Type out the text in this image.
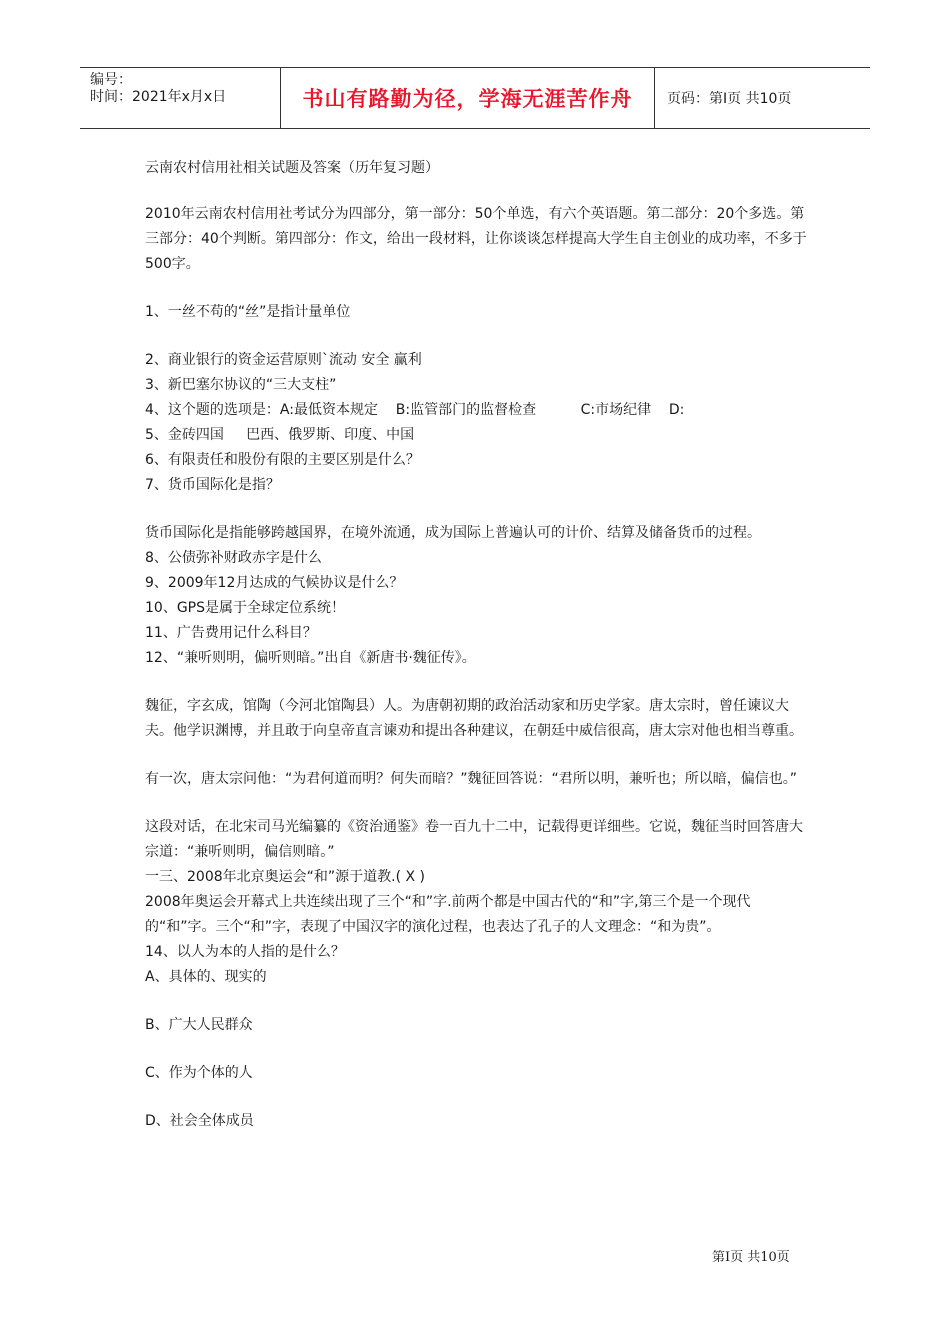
编号：
时间：2021年x月x日	书山有路勤为径，学海无涯苦作舟	页码：第I页 共10页

云南农村信用社相关试题及答案（历年复习题）

2010年云南农村信用社考试分为四部分，第一部分：50个单选，有六个英语题。第二部分：20个多选。第三部分：40个判断。第四部分：作文，给出一段材料，让你谈谈怎样提高大学生自主创业的成功率，不多于500字。

1、一丝不苟的“丝”是指计量单位

2、商业银行的资金运营原则`流动 安全 赢利

3、新巴塞尔协议的“三大支柱”

4、这个题的选项是：A:最低资本规定    B:监管部门的监督检查          C:市场纪律    D:

5、金砖四国     巴西、俄罗斯、印度、中国

6、有限责任和股份有限的主要区别是什么？

7、货币国际化是指？

货币国际化是指能够跨越国界，在境外流通，成为国际上普遍认可的计价、结算及储备货币的过程。

8、公债弥补财政赤字是什么

9、2009年12月达成的气候协议是什么？

10、GPS是属于全球定位系统！

11、广告费用记什么科目？

12、“兼听则明，偏听则暗。”出自《新唐书·魏征传》。

魏征，字玄成，馆陶（今河北馆陶县）人。为唐朝初期的政治活动家和历史学家。唐太宗时，曾任谏议大夫。他学识渊博，并且敢于向皇帝直言谏劝和提出各种建议，在朝廷中威信很高，唐太宗对他也相当尊重。

有一次，唐太宗问他：“为君何道而明？何失而暗？”魏征回答说：“君所以明，兼听也；所以暗，偏信也。”

这段对话，在北宋司马光编纂的《资治通鉴》卷一百九十二中，记载得更详细些。它说，魏征当时回答唐大宗道：“兼听则明，偏信则暗。”

一三、2008年北京奥运会“和”源于道教.( X )

2008年奥运会开幕式上共连续出现了三个“和”字.前两个都是中国古代的“和”字,第三个是一个现代的“和”字。三个“和”字，表现了中国汉字的演化过程，也表达了孔子的人文理念：“和为贵”。

14、以人为本的人指的是什么？

A、具体的、现实的

B、广大人民群众

C、作为个体的人

D、社会全体成员

第I页 共10页
